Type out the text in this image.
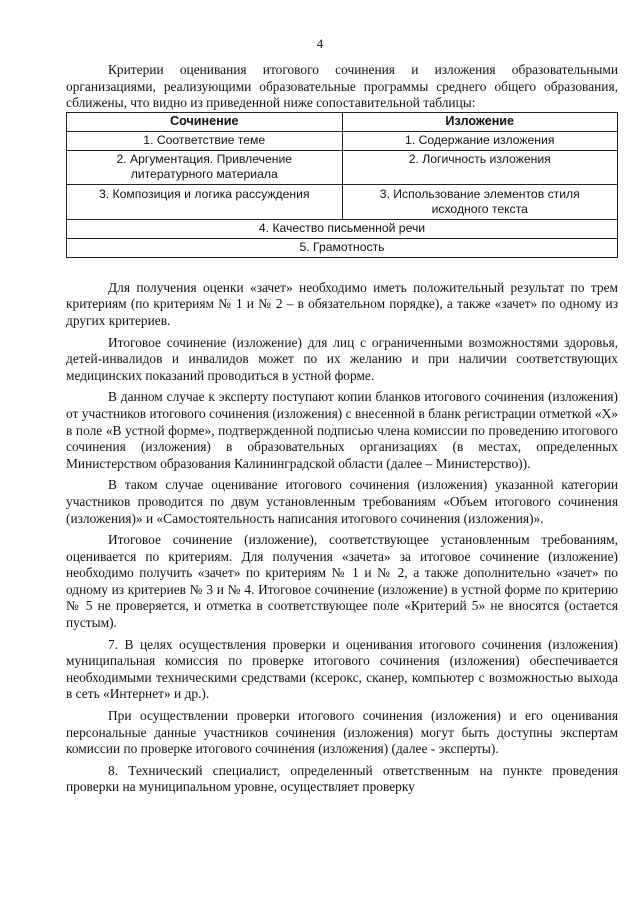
4

Критерии оценивания итогового сочинения и изложения образовательными организациями, реализующими образовательные программы среднего общего образования, сближены, что видно из приведенной ниже сопоставительной таблицы:

Сочинение	Изложение
1. Соответствие теме	1. Содержание изложения
2. Аргументация. Привлечение литературного материала	2. Логичность изложения
3. Композиция и логика рассуждения	3. Использование элементов стиля исходного текста
4. Качество письменной речи	
5. Грамотность	

Для получения оценки «зачет» необходимо иметь положительный результат по трем критериям (по критериям № 1 и № 2 – в обязательном порядке), а также «зачет» по одному из других критериев.

Итоговое сочинение (изложение) для лиц с ограниченными возможностями здоровья, детей-инвалидов и инвалидов может по их желанию и при наличии соответствующих медицинских показаний проводиться в устной форме.

В данном случае к эксперту поступают копии бланков итогового сочинения (изложения) от участников итогового сочинения (изложения) с внесенной в бланк регистрации отметкой «X» в поле «В устной форме», подтвержденной подписью члена комиссии по проведению итогового сочинения (изложения) в образовательных организациях (в местах, определенных Министерством образования Калининградской области (далее – Министерство)).

В таком случае оценивание итогового сочинения (изложения) указанной категории участников проводится по двум установленным требованиям «Объем итогового сочинения (изложения)» и «Самостоятельность написания итогового сочинения (изложения)».

Итоговое сочинение (изложение), соответствующее установленным требованиям, оценивается по критериям. Для получения «зачета» за итоговое сочинение (изложение) необходимо получить «зачет» по критериям № 1 и № 2, а также дополнительно «зачет» по одному из критериев № 3 и № 4. Итоговое сочинение (изложение) в устной форме по критерию № 5 не проверяется, и отметка в соответствующее поле «Критерий 5» не вносятся (остается пустым).

7. В целях осуществления проверки и оценивания итогового сочинения (изложения) муниципальная комиссия по проверке итогового сочинения (изложения) обеспечивается необходимыми техническими средствами (ксерокс, сканер, компьютер с возможностью выхода в сеть «Интернет» и др.).

При осуществлении проверки итогового сочинения (изложения) и его оценивания персональные данные участников сочинения (изложения) могут быть доступны экспертам комиссии по проверке итогового сочинения (изложения) (далее - эксперты).

8. Технический специалист, определенный ответственным на пункте проведения проверки на муниципальном уровне, осуществляет проверку
